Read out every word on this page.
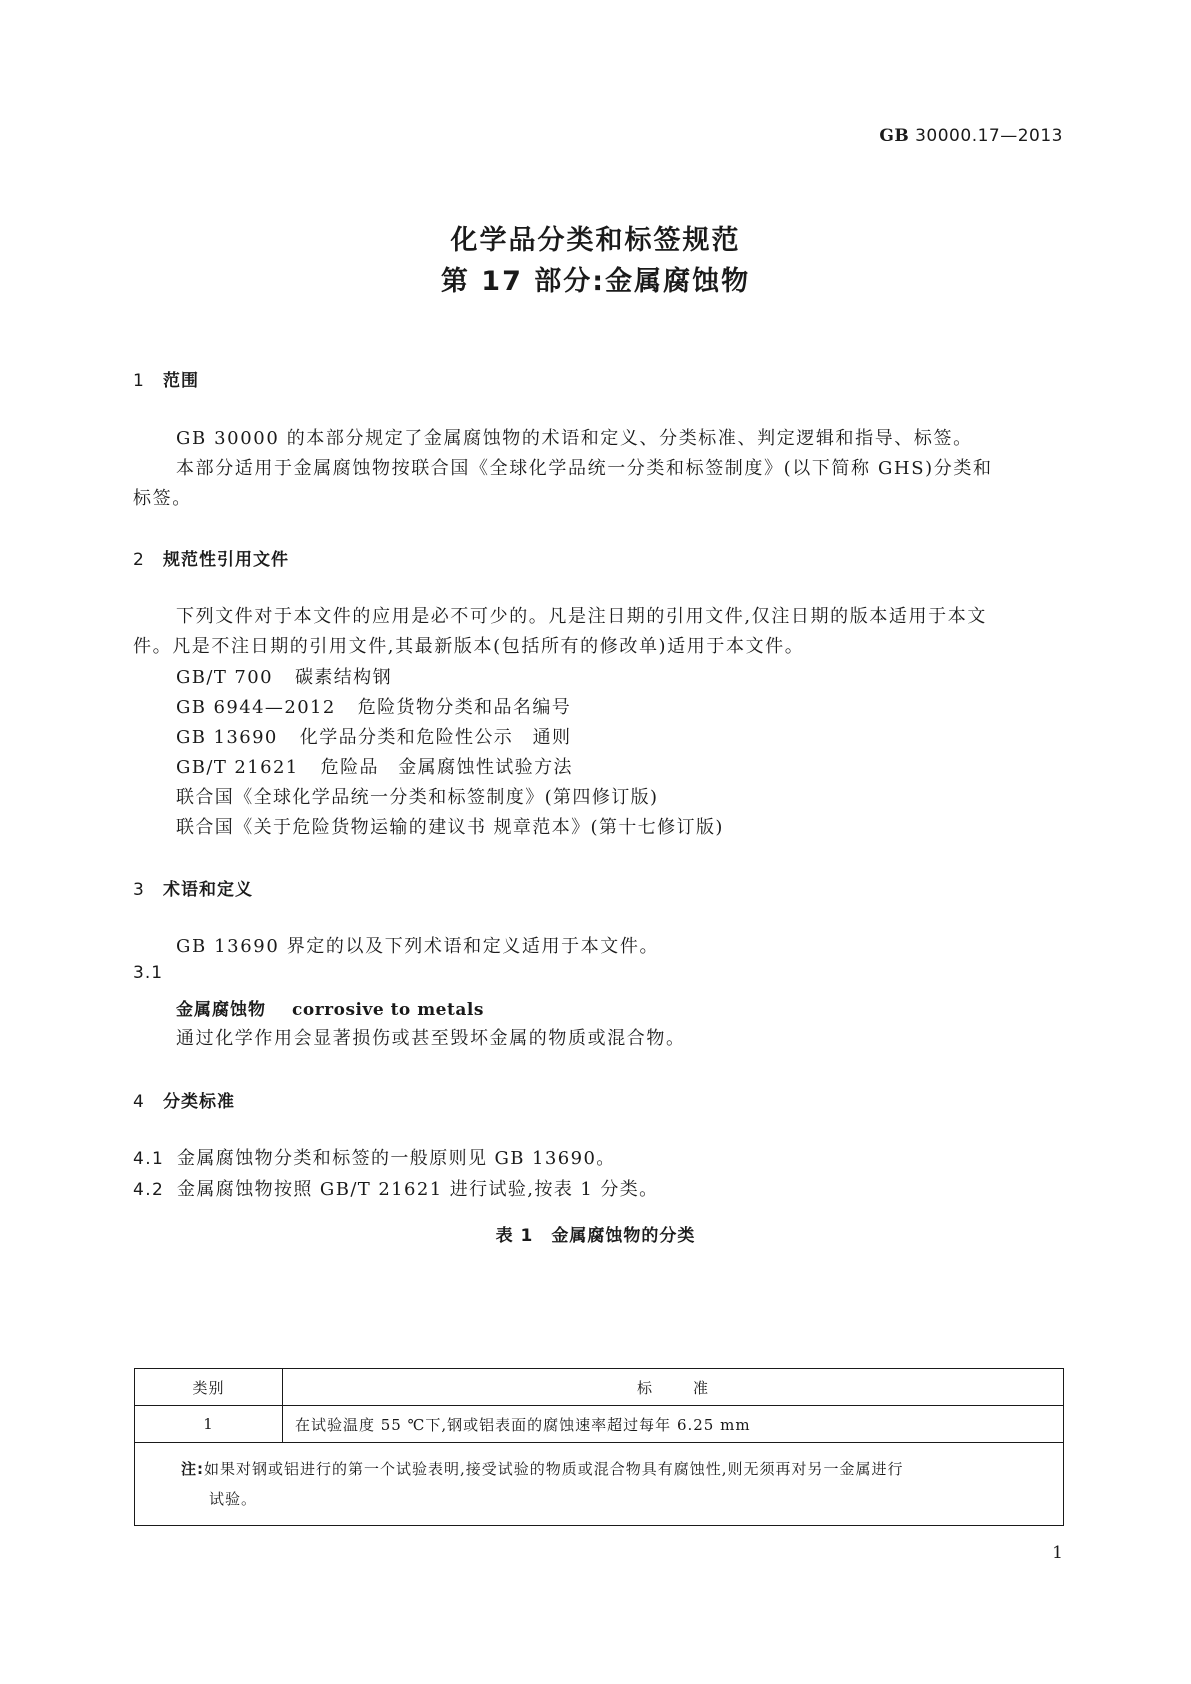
GB 30000.17—2013
化学品分类和标签规范
第 17 部分:金属腐蚀物
1 范围
GB 30000 的本部分规定了金属腐蚀物的术语和定义、分类标准、判定逻辑和指导、标签。
本部分适用于金属腐蚀物按联合国《全球化学品统一分类和标签制度》(以下简称 GHS)分类和
标签。
2 规范性引用文件
下列文件对于本文件的应用是必不可少的。凡是注日期的引用文件,仅注日期的版本适用于本文
件。凡是不注日期的引用文件,其最新版本(包括所有的修改单)适用于本文件。
GB/T 700 碳素结构钢
GB 6944—2012 危险货物分类和品名编号
GB 13690 化学品分类和危险性公示　通则
GB/T 21621 危险品　金属腐蚀性试验方法
联合国《全球化学品统一分类和标签制度》(第四修订版)
联合国《关于危险货物运输的建议书 规章范本》(第十七修订版)
3 术语和定义
GB 13690 界定的以及下列术语和定义适用于本文件。
3.1
金属腐蚀物 corrosive to metals
通过化学作用会显著损伤或甚至毁坏金属的物质或混合物。
4 分类标准
4.1 金属腐蚀物分类和标签的一般原则见 GB 13690。
4.2 金属腐蚀物按照 GB/T 21621 进行试验,按表 1 分类。
表 1　金属腐蚀物的分类
类别	标 准
1	在试验温度 55 ℃下,钢或铝表面的腐蚀速率超过每年 6.25 mm
注:如果对钢或铝进行的第一个试验表明,接受试验的物质或混合物具有腐蚀性,则无须再对另一金属进行
试验。	
1
